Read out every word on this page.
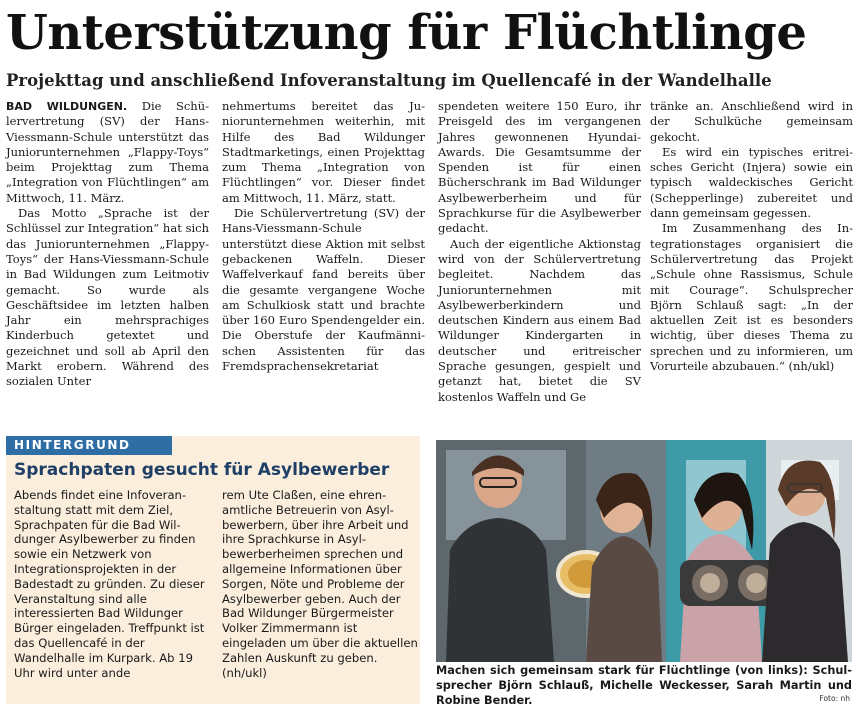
Unterstützung für Flüchtlinge
Projekttag und anschließend Infoveranstaltung im Quellencafé in der Wandelhalle

BAD WILDUNGEN. Die Schülervertretung (SV) der Hans-Viessmann-Schule unterstützt das Juniorunternehmen „Flappy-Toys“ beim Projekttag zum Thema „Integration von Flüchtlingen“ am Mittwoch, 11. März.

Das Motto „Sprache ist der Schlüssel zur Integration“ hat sich das Juniorunternehmen „Flappy-Toys“ der Hans-Viessmann-Schule in Bad Wildungen zum Leitmotiv gemacht. So wurde als Geschäftsidee im letzten halben Jahr ein mehrsprachiges Kinderbuch getextet und gezeichnet und soll ab April den Markt erobern. Während des sozialen Unter

nehmertums bereitet das Juniorunternehmen weiterhin, mit Hilfe des Bad Wildunger Stadtmarketings, einen Projekttag zum Thema „Integration von Flüchtlingen“ vor. Dieser findet am Mittwoch, 11. März, statt.

Die Schülervertretung (SV) der Hans-Viessmann-Schule unterstützt diese Aktion mit selbst gebackenen Waffeln. Dieser Waffelverkauf fand bereits über die gesamte vergangene Woche am Schulkiosk statt und brachte über 160 Euro Spendengelder ein. Die Oberstufe der Kaufmännischen Assistenten für das Fremdsprachensekretariat

spendeten weitere 150 Euro, ihr Preisgeld des im vergangenen Jahres gewonnenen Hyundai-Awards. Die Gesamtsumme der Spenden ist für einen Bücherschrank im Bad Wildunger Asylbewerberheim und für Sprachkurse für die Asylbewerber gedacht.

Auch der eigentliche Aktionstag wird von der Schülervertretung begleitet. Nachdem das Juniorunternehmen mit Asylbewerberkindern und deutschen Kindern aus einem Bad Wildunger Kindergarten in deutscher und eritreischer Sprache gesungen, gespielt und getanzt hat, bietet die SV kostenlos Waffeln und Ge

tränke an. Anschließend wird in der Schulküche gemeinsam gekocht.

Es wird ein typisches eritreisches Gericht (Injera) sowie ein typisch waldeckisches Gericht (Schepperlinge) zubereitet und dann gemeinsam gegessen.

Im Zusammenhang des Integrationstages organisiert die Schülervertretung das Projekt „Schule ohne Rassismus, Schule mit Courage“. Schulsprecher Björn Schlauß sagt: „In der aktuellen Zeit ist es besonders wichtig, über dieses Thema zu sprechen und zu informieren, um Vorurteile abzubauen.“ (nh/ukl)

HINTERGRUND
Sprachpaten gesucht für Asylbewerber

Abends findet eine Infoveranstaltung statt mit dem Ziel, Sprachpaten für die Bad Wildunger Asylbewerber zu finden sowie ein Netzwerk von Integrationsprojekten in der Badestadt zu gründen. Zu dieser Veranstaltung sind alle interessierten Bad Wildunger Bürger eingeladen. Treffpunkt ist das Quellencafé in der Wandelhalle im Kurpark. Ab 19 Uhr wird unter ande

rem Ute Claßen, eine ehrenamtliche Betreuerin von Asylbewerbern, über ihre Arbeit und ihre Sprachkurse in Asylbewerberheimen sprechen und allgemeine Informationen über Sorgen, Nöte und Probleme der Asylbewerber geben. Auch der Bad Wildunger Bürgermeister Volker Zimmermann ist eingeladen um über die aktuellen Zahlen Auskunft zu geben. (nh/ukl)	Machen sich gemeinsam stark für Flüchtlinge (von links): Schulsprecher Björn Schlauß, Michelle Weckesser, Sarah Martin und Robine Bender.	Foto: nh
